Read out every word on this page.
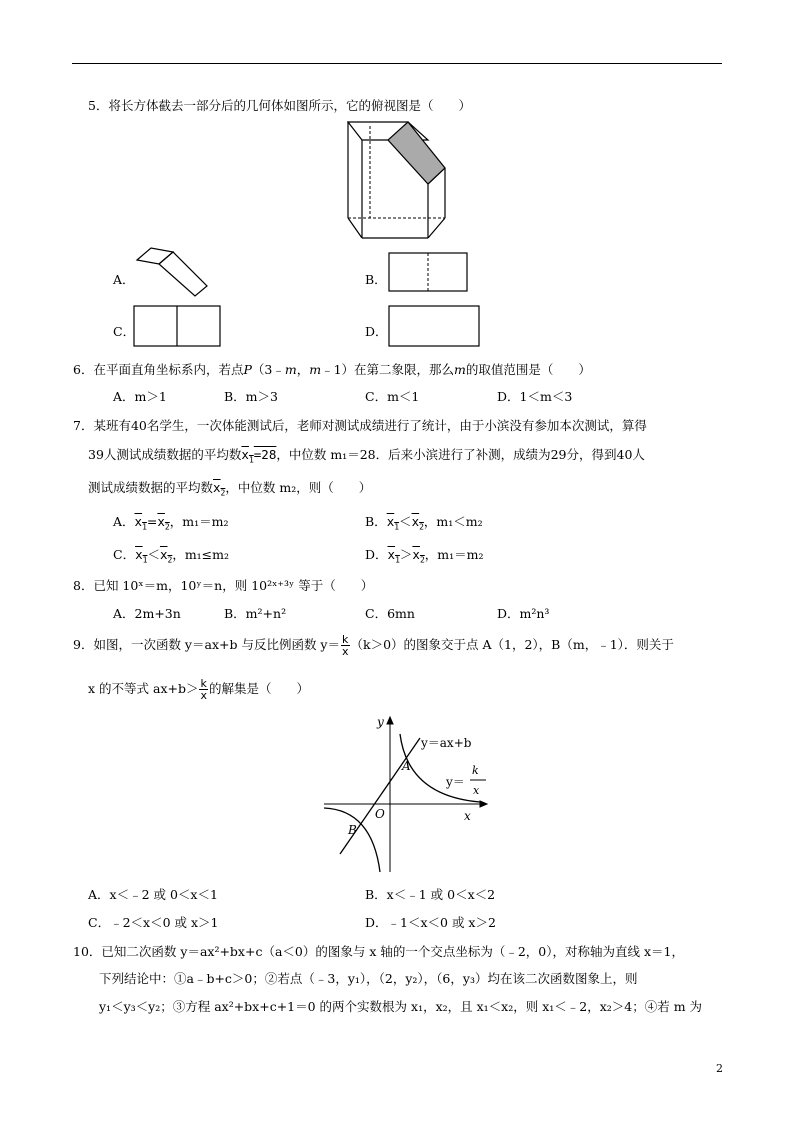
5．将长方体截去一部分后的几何体如图所示，它的俯视图是（　　）
A．	B．
C．	D．
6．在平面直角坐标系内，若点P（3﹣m，m﹣1）在第二象限，那么m的取值范围是（　　）
A．m＞1	B．m＞3	C．m＜1	D．1＜m＜3
7．某班有40名学生，一次体能测试后，老师对测试成绩进行了统计，由于小滨没有参加本次测试，算得
39人测试成绩数据的平均数$\overline{x}_1=28$，中位数 m₁＝28．后来小滨进行了补测，成绩为29分，得到40人
测试成绩数据的平均数$\overline{x}_2$，中位数 m₂，则（　　）
A．$\overline{x}_1=\overline{x}_2$，m₁＝m₂	B．$\overline{x}_1<\overline{x}_2$，m₁＜m₂
C．$\overline{x}_1<\overline{x}_2$，m₁≤m₂	D．$\overline{x}_1>\overline{x}_2$，m₁＝m₂
8．已知 10ˣ＝m，10ʸ＝n，则 10²ˣ⁺³ʸ 等于（　　）
A．2m+3n	B．m²+n²	C．6mn	D．m²n³
9．如图，一次函数 y＝ax+b 与反比例函数 $y= \frac{k}{x} (k>0)$的图象交于点 A（1，2），B（m，﹣1）．则关于
x 的不等式 $ax+b> \frac{k}{x}$ 的解集是（　　）
y
x
O
A
B
y＝ax+b
y＝
k
x
A．x＜﹣2 或 0＜x＜1	B．x＜﹣1 或 0＜x＜2
C．﹣2＜x＜0 或 x＞1	D．﹣1＜x＜0 或 x＞2
10．已知二次函数 y＝ax²+bx+c（a＜0）的图象与 x 轴的一个交点坐标为（﹣2，0），对称轴为直线 x＝1，
下列结论中：①a﹣b+c＞0；②若点（﹣3，y₁），（2，y₂），（6，y₃）均在该二次函数图象上，则
y₁＜y₃＜y₂；③方程 ax²+bx+c+1＝0 的两个实数根为 x₁，x₂，且 x₁＜x₂，则 x₁＜﹣2，x₂＞4；④若 m 为
2
